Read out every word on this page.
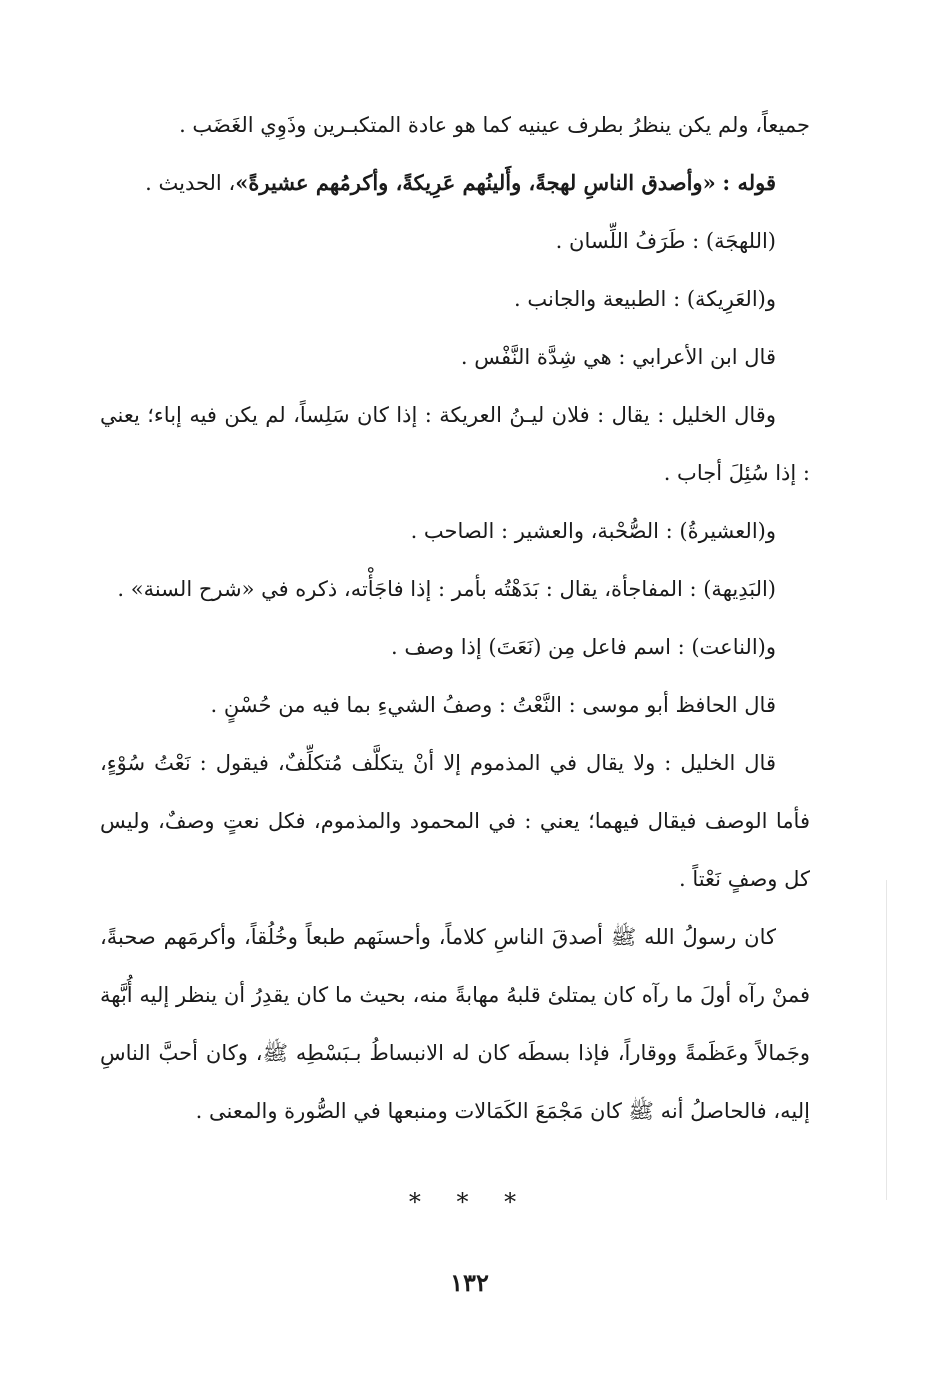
جميعاً، ولم يكن ينظرُ بطرف عينيه كما هو عادة المتكبـرين وذَوِي الغَضَب .

قوله : «وأصدق الناسِ لهجةً، وأَلينُهم عَرِيكةً، وأكرمُهم عشيرةً»، الحديث .

(اللهجَة) : طَرَفُ اللِّسان .

و(العَرِيكة) : الطبيعة والجانب .

قال ابن الأعرابي : هي شِدَّة النَّفْس .

وقال الخليل : يقال : فلان ليـنُ العريكة : إذا كان سَلِساً، لم يكن فيه إباء؛ يعني : إذا سُئِلَ أجاب .

و(العشيرةُ) : الصُّحْبة، والعشير : الصاحب .

(البَدِيهة) : المفاجأة، يقال : بَدَهْتُه بأمر : إذا فاجَأْته، ذكره في «شرح السنة» .

و(الناعت) : اسم فاعل مِن (نَعَتَ) إذا وصف .

قال الحافظ أبو موسى : النَّعْتُ : وصفُ الشيءِ بما فيه من حُسْنٍ .

قال الخليل : ولا يقال في المذموم إلا أنْ يتكلَّف مُتكلِّفٌ، فيقول : نَعْتُ سُوْءٍ، فأما الوصف فيقال فيهما؛ يعني : في المحمود والمذموم، فكل نعتٍ وصفٌ، وليس كل وصفٍ نَعْتاً .

كان رسولُ الله ﷺ أصدقَ الناسِ كلاماً، وأحسنَهم طبعاً وخُلُقاً، وأكرمَهم صحبةً، فمنْ رآه أولَ ما رآه كان يمتلئ قلبهُ مهابةً منه، بحيث ما كان يقدِرُ أن ينظر إليه أُبَّهة وجَمالاً وعَظَمةً ووقاراً، فإذا بسطَه كان له الانبساطُ بـبَسْطِه ﷺ، وكان أحبَّ الناسِ إليه، فالحاصلُ أنه ﷺ كان مَجْمَعَ الكَمَالات ومنبعها في الصُّورة والمعنى .

* * *
١٣٢
